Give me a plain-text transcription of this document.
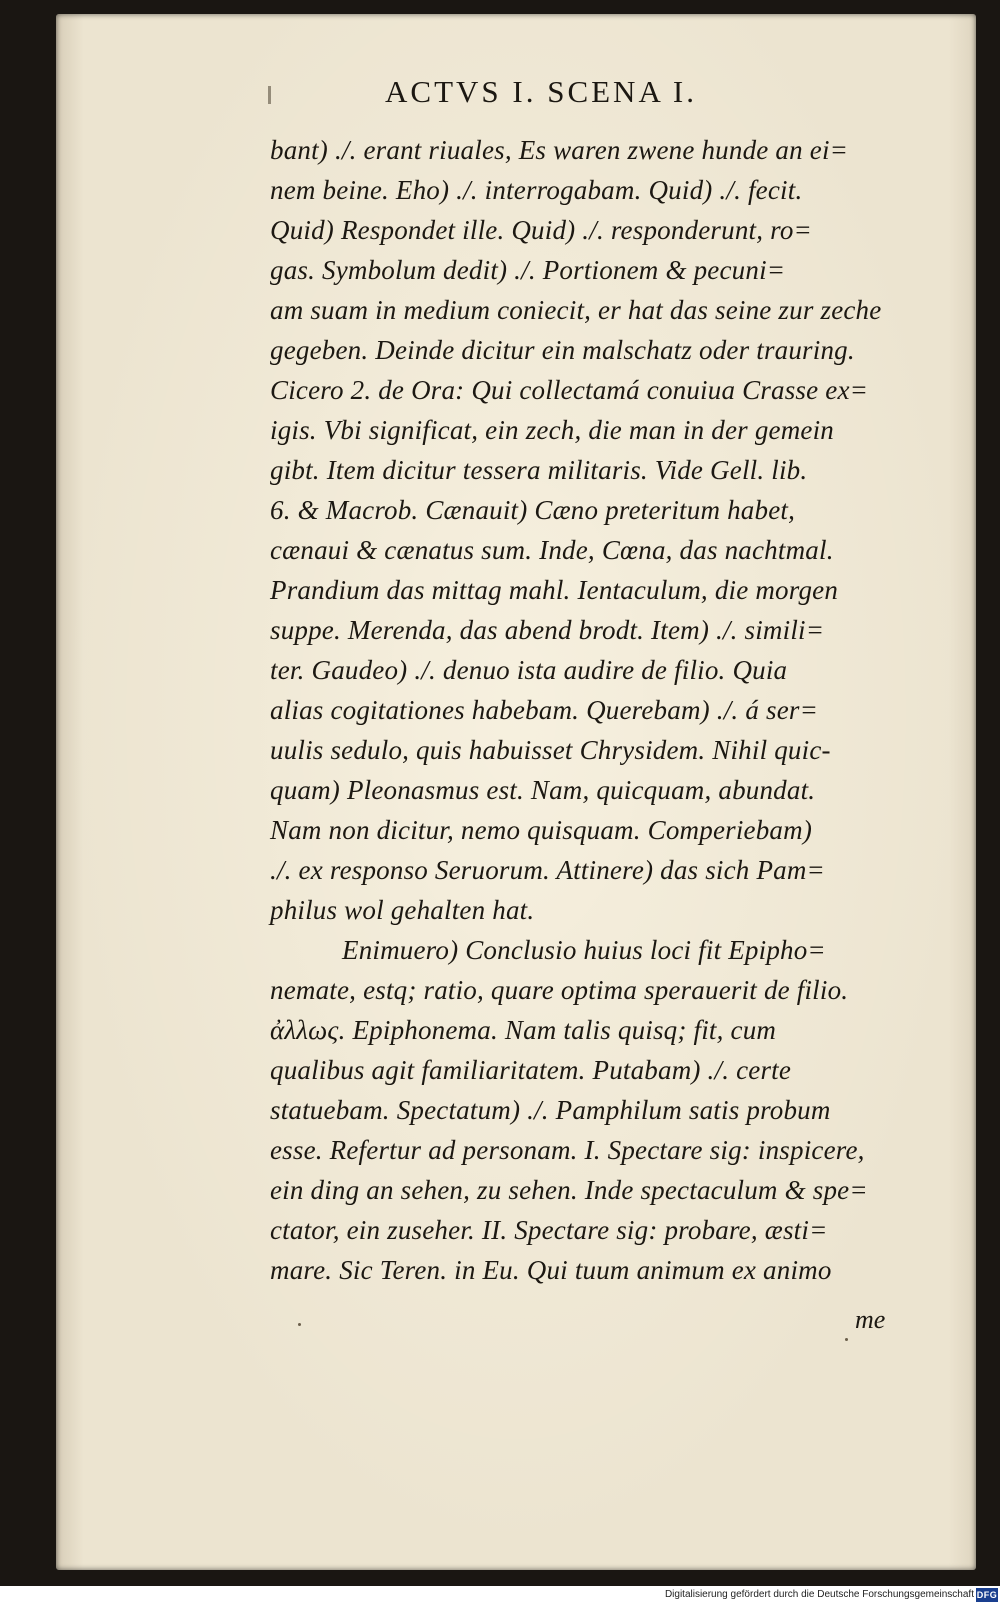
ACTVS I. SCENA I.
bant) ./. erant riuales, Es waren zwene hunde an ei=
nem beine. Eho) ./. interrogabam. Quid) ./. fecit.
Quid) Respondet ille. Quid) ./. responderunt, ro=
gas. Symbolum dedit) ./. Portionem & pecuni=
am suam in medium coniecit, er hat das seine zur zeche
gegeben. Deinde dicitur ein malschatz oder trauring.
Cicero 2. de Ora: Qui collectamá conuiua Crasse ex=
igis. Vbi significat, ein zech, die man in der gemein
gibt. Item dicitur tessera militaris. Vide Gell. lib.
6. & Macrob. Cænauit) Cæno preteritum habet,
cænaui & cænatus sum. Inde, Cœna, das nachtmal.
Prandium das mittag mahl. Ientaculum, die morgen
suppe. Merenda, das abend brodt. Item) ./. simili=
ter. Gaudeo) ./. denuo ista audire de filio. Quia
alias cogitationes habebam. Querebam) ./. á ser=
uulis sedulo, quis habuisset Chrysidem. Nihil quic-
quam) Pleonasmus est. Nam, quicquam, abundat.
Nam non dicitur, nemo quisquam. Comperiebam)
./. ex responso Seruorum. Attinere) das sich Pam=
philus wol gehalten hat.
Enimuero) Conclusio huius loci fit Epipho=
nemate, estq; ratio, quare optima sperauerit de filio.
ἀλλως. Epiphonema. Nam talis quisq; fit, cum
qualibus agit familiaritatem. Putabam) ./. certe
statuebam. Spectatum) ./. Pamphilum satis probum
esse. Refertur ad personam. I. Spectare sig: inspicere,
ein ding an sehen, zu sehen. Inde spectaculum & spe=
ctator, ein zuseher. II. Spectare sig: probare, æsti=
mare. Sic Teren. in Eu. Qui tuum animum ex animo
me
Digitalisierung gefördert durch die Deutsche Forschungsgemeinschaft DFG
